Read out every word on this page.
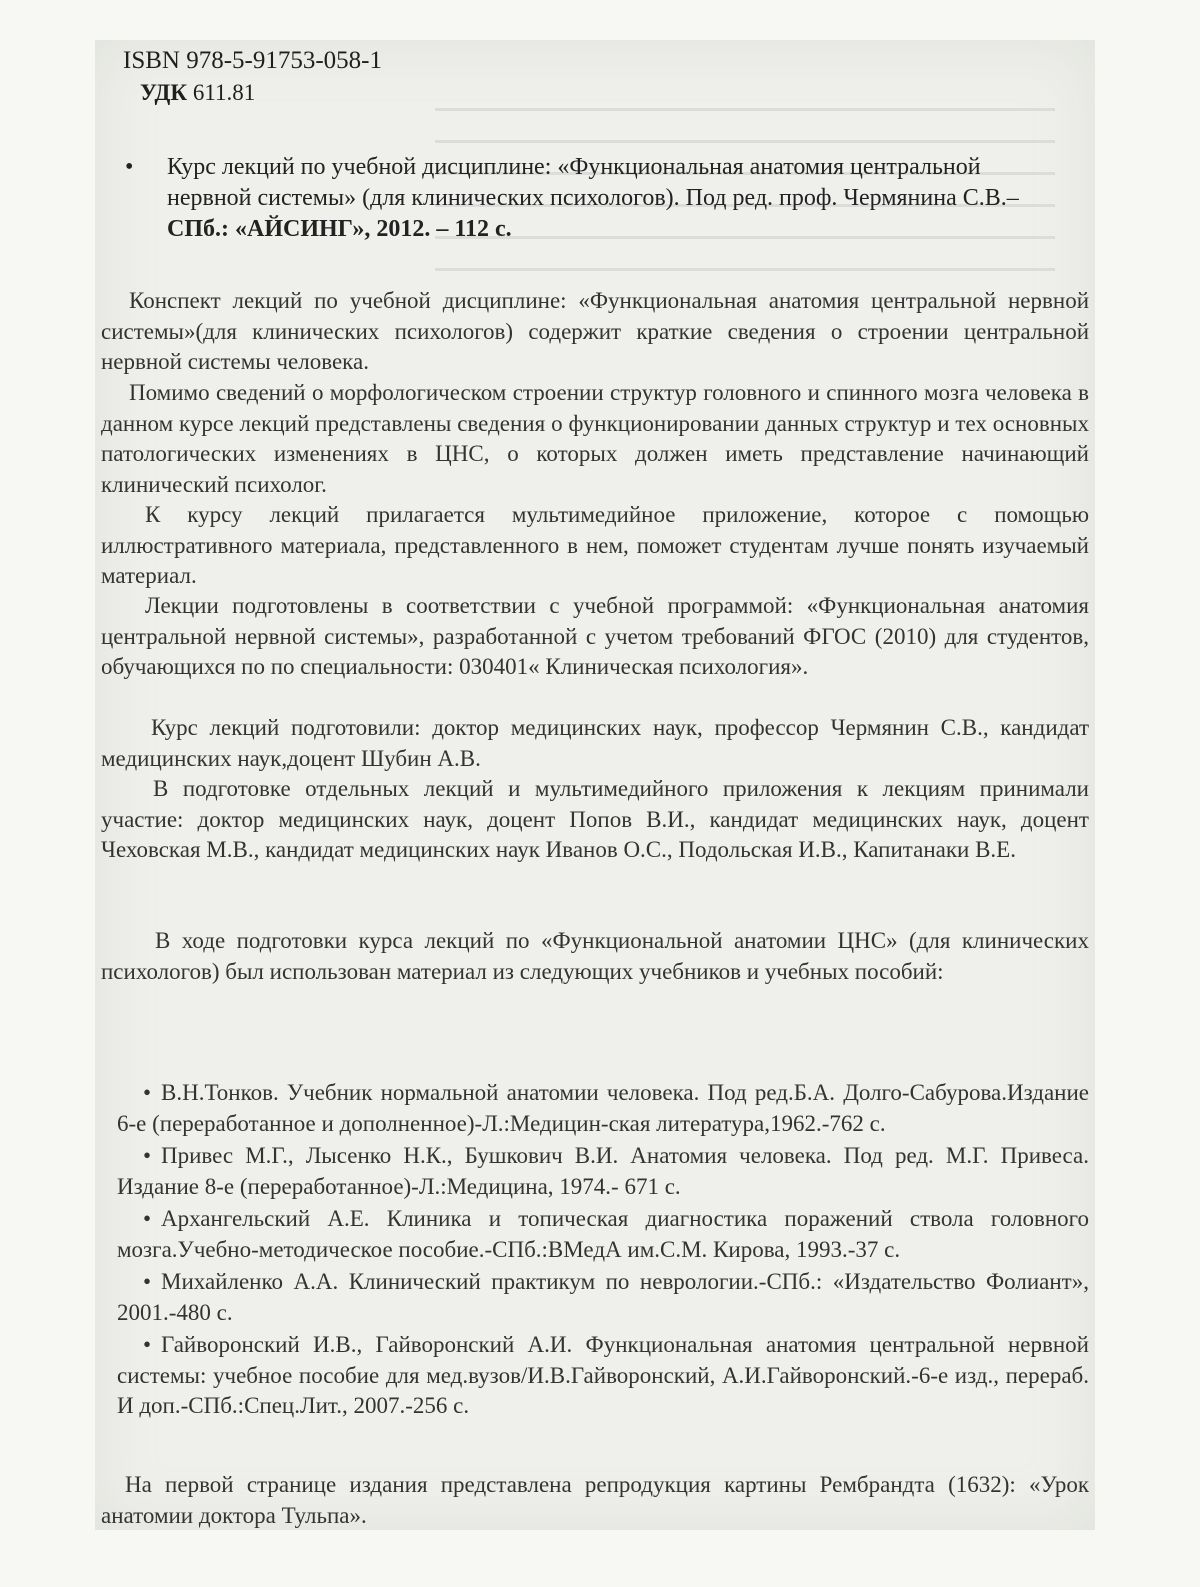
ISBN 978-5-91753-058-1
УДК 611.81
•	Курс лекций по учебной дисциплине: «Функциональная анатомия центральной нервной системы» (для клинических психологов). Под ред. проф. Чермянина С.В.– СПб.: «АЙСИНГ», 2012. – 112 с.
Конспект лекций по учебной дисциплине: «Функциональная анатомия центральной нервной системы»(для клинических психологов) содержит краткие сведения о строении центральной нервной системы человека.
Помимо сведений о морфологическом строении структур головного и спинного мозга человека в данном курсе лекций представлены сведения о функционировании данных структур и тех основных патологических изменениях в ЦНС, о которых должен иметь представление начинающий клинический психолог.
К курсу лекций прилагается мультимедийное приложение, которое с помощью иллюстративного материала, представленного в нем, поможет студентам лучше понять изучаемый материал.
Лекции подготовлены в соответствии с учебной программой: «Функциональная анатомия центральной нервной системы», разработанной с учетом требований ФГОС (2010) для студентов, обучающихся по по специальности: 030401« Клиническая психология».
Курс лекций подготовили: доктор медицинских наук, профессор Чермянин С.В., кандидат медицинских наук,доцент Шубин А.В.
В подготовке отдельных лекций и мультимедийного приложения к лекциям принимали участие: доктор медицинских наук, доцент Попов В.И., кандидат медицинских наук, доцент Чеховская М.В., кандидат медицинских наук Иванов О.С., Подольская И.В., Капитанаки В.Е.
В ходе подготовки курса лекций по «Функциональной анатомии ЦНС» (для клинических психологов) был использован материал из следующих учебников и учебных пособий:
• В.Н.Тонков. Учебник нормальной анатомии человека. Под ред.Б.А. Долго-Сабурова.Издание 6-е (переработанное и дополненное)-Л.:Медицин-ская литература,1962.-762 с.
• Привес М.Г., Лысенко Н.К., Бушкович В.И. Анатомия человека. Под ред. М.Г. Привеса. Издание 8-е (переработанное)-Л.:Медицина, 1974.- 671 с.
• Архангельский А.Е. Клиника и топическая диагностика поражений ствола головного мозга.Учебно-методическое пособие.-СПб.:ВМедА им.С.М. Кирова, 1993.-37 с.
• Михайленко А.А. Клинический практикум по неврологии.-СПб.: «Издательство Фолиант», 2001.-480 с.
• Гайворонский И.В., Гайворонский А.И. Функциональная анатомия центральной нервной системы: учебное пособие для мед.вузов/И.В.Гайворонский, А.И.Гайворонский.-6-е изд., перераб. И доп.-СПб.:Спец.Лит., 2007.-256 с.
На первой странице издания представлена репродукция картины Рембрандта (1632): «Урок анатомии доктора Тульпа».
